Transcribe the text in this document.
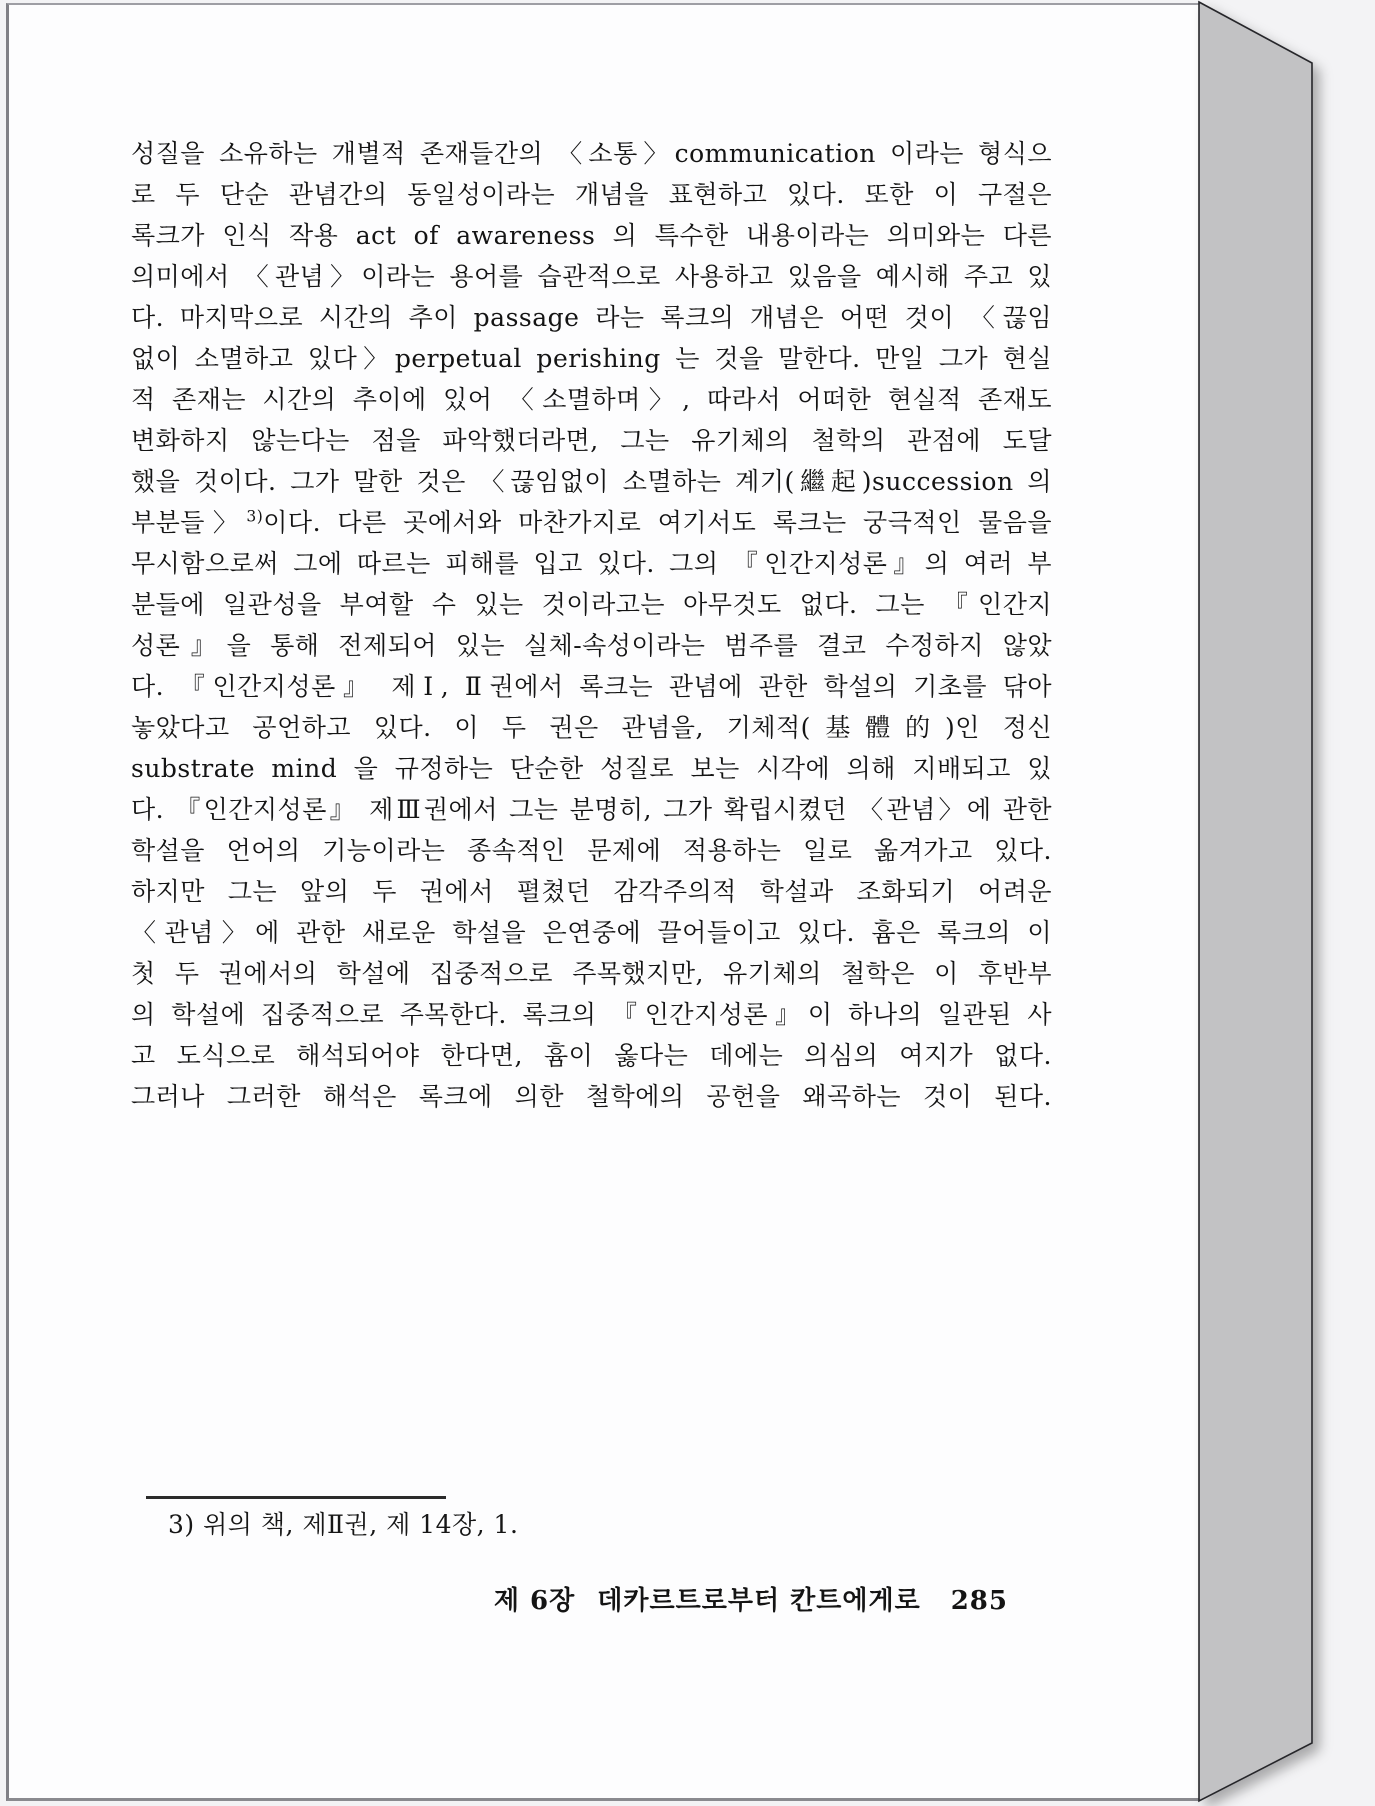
성질을 소유하는 개별적 존재들간의 〈소통〉communication 이라는 형식으
로 두 단순 관념간의 동일성이라는 개념을 표현하고 있다. 또한 이 구절은
록크가 인식 작용 act of awareness 의 특수한 내용이라는 의미와는 다른
의미에서 〈관념〉이라는 용어를 습관적으로 사용하고 있음을 예시해 주고 있
다. 마지막으로 시간의 추이 passage 라는 록크의 개념은 어떤 것이 〈끊임
없이 소멸하고 있다〉perpetual perishing 는 것을 말한다. 만일 그가 현실
적 존재는 시간의 추이에 있어 〈소멸하며〉, 따라서 어떠한 현실적 존재도
변화하지 않는다는 점을 파악했더라면, 그는 유기체의 철학의 관점에 도달
했을 것이다. 그가 말한 것은 〈끊임없이 소멸하는 계기(繼起)succession 의
부분들〉$^{3)}$이다. 다른 곳에서와 마찬가지로 여기서도 록크는 궁극적인 물음을
무시함으로써 그에 따르는 피해를 입고 있다. 그의 『인간지성론』의 여러 부
분들에 일관성을 부여할 수 있는 것이라고는 아무것도 없다. 그는 『인간지
성론』을 통해 전제되어 있는 실체-속성이라는 범주를 결코 수정하지 않았
다. 『인간지성론』 제Ⅰ, Ⅱ권에서 록크는 관념에 관한 학설의 기초를 닦아
놓았다고 공언하고 있다. 이 두 권은 관념을, 기체적(基體的)인 정신
substrate mind 을 규정하는 단순한 성질로 보는 시각에 의해 지배되고 있
다. 『인간지성론』 제Ⅲ권에서 그는 분명히, 그가 확립시켰던 〈관념〉에 관한
학설을 언어의 기능이라는 종속적인 문제에 적용하는 일로 옮겨가고 있다.
하지만 그는 앞의 두 권에서 펼쳤던 감각주의적 학설과 조화되기 어려운
〈관념〉에 관한 새로운 학설을 은연중에 끌어들이고 있다. 흄은 록크의 이
첫 두 권에서의 학설에 집중적으로 주목했지만, 유기체의 철학은 이 후반부
의 학설에 집중적으로 주목한다. 록크의 『인간지성론』이 하나의 일관된 사
고 도식으로 해석되어야 한다면, 흄이 옳다는 데에는 의심의 여지가 없다.
그러나 그러한 해석은 록크에 의한 철학에의 공헌을 왜곡하는 것이 된다.
3) 위의 책, 제Ⅱ권, 제 14장, 1.
제 6장 데카르트로부터 칸트에게로 285
